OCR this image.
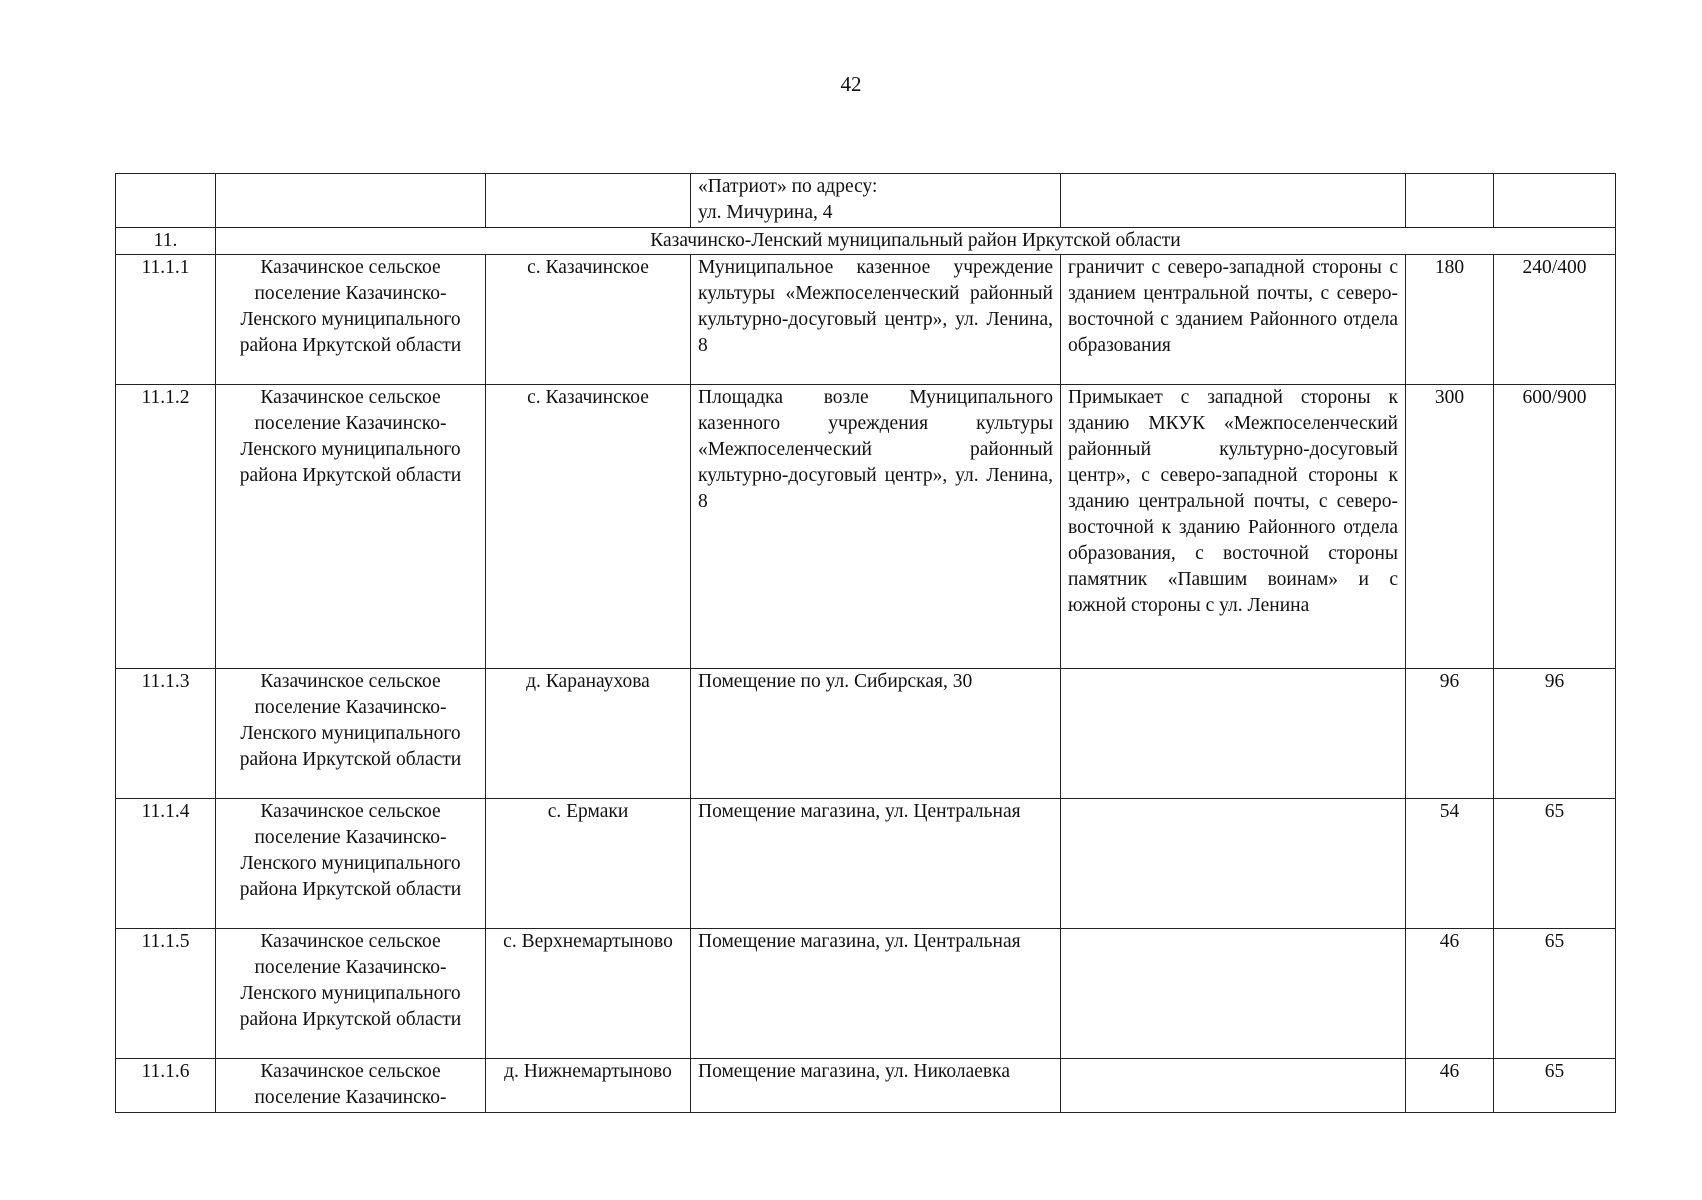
42

			«Патриот» по адресу:
ул. Мичурина, 4			

11.	Казачинско-Ленский муниципальный район Иркутской области					
11.1.1	Казачинское сельское поселение Казачинско-Ленского муниципального района Иркутской области	с. Казачинское	Муниципальное казенное учреждение культуры «Межпоселенческий районный культурно-досуговый центр», ул. Ленина, 8	граничит с северо-западной стороны с зданием центральной почты, с северо-восточной с зданием Районного отдела образования	180	240/400
11.1.2	Казачинское сельское поселение Казачинско-Ленского муниципального района Иркутской области	с. Казачинское	Площадка возле Муниципального казенного учреждения культуры «Межпоселенческий районный культурно-досуговый центр», ул. Ленина, 8	Примыкает с западной стороны к зданию МКУК «Межпоселенческий районный культурно-досуговый центр», с северо-западной стороны к зданию центральной почты, с северо-восточной к зданию Районного отдела образования, с восточной стороны памятник «Павшим воинам» и с южной стороны с ул. Ленина	300	600/900
11.1.3	Казачинское сельское поселение Казачинско-Ленского муниципального района Иркутской области	д. Каранаухова	Помещение по ул. Сибирская, 30		96	96
11.1.4	Казачинское сельское поселение Казачинско-Ленского муниципального района Иркутской области	с. Ермаки	Помещение магазина, ул. Центральная		54	65
11.1.5	Казачинское сельское поселение Казачинско-Ленского муниципального района Иркутской области	с. Верхнемартыново	Помещение магазина, ул. Центральная		46	65
11.1.6	Казачинское сельское поселение Казачинско-	д. Нижнемартыново	Помещение магазина, ул. Николаевка		46	65
